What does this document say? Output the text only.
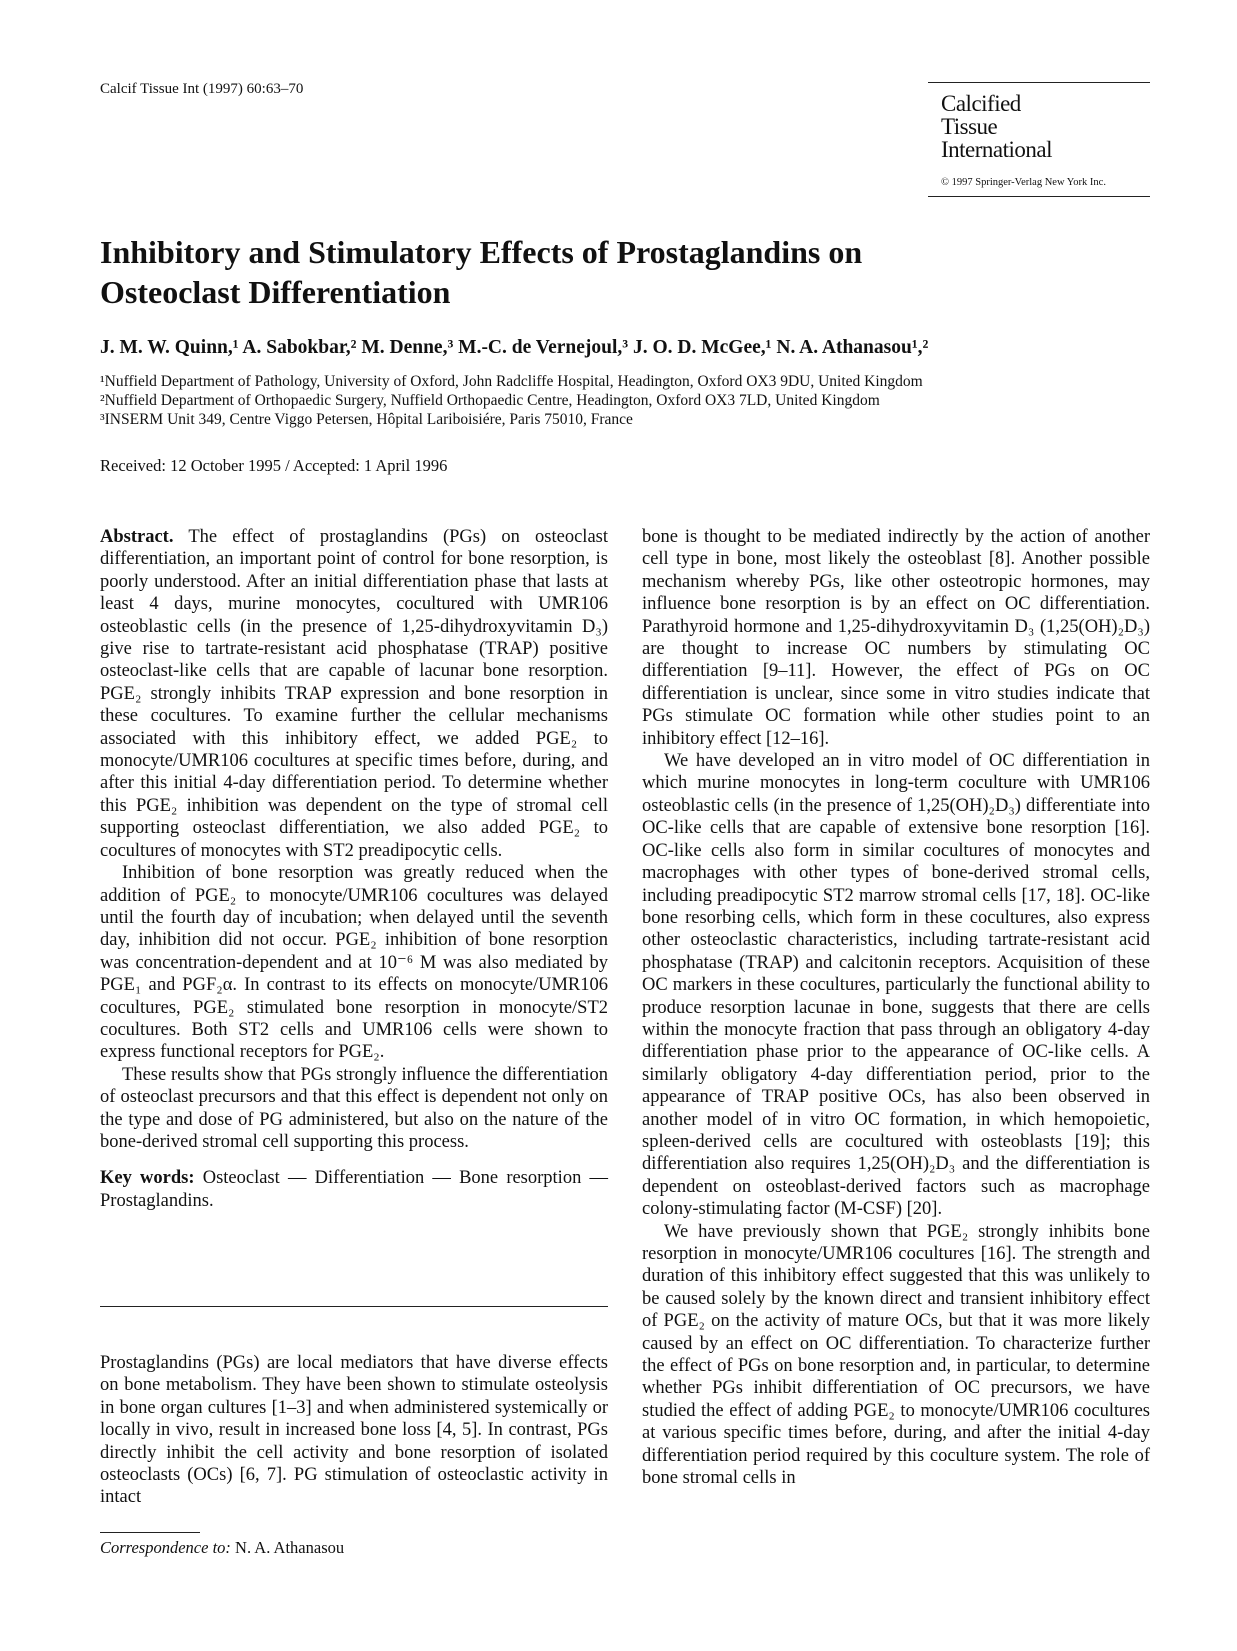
Calcif Tissue Int (1997) 60:63–70
Calcified
Tissue
International
© 1997 Springer-Verlag New York Inc.
Inhibitory and Stimulatory Effects of Prostaglandins on Osteoclast Differentiation
J. M. W. Quinn,¹ A. Sabokbar,² M. Denne,³ M.-C. de Vernejoul,³ J. O. D. McGee,¹ N. A. Athanasou¹,²
¹Nuffield Department of Pathology, University of Oxford, John Radcliffe Hospital, Headington, Oxford OX3 9DU, United Kingdom
²Nuffield Department of Orthopaedic Surgery, Nuffield Orthopaedic Centre, Headington, Oxford OX3 7LD, United Kingdom
³INSERM Unit 349, Centre Viggo Petersen, Hôpital Lariboisiére, Paris 75010, France
Received: 12 October 1995 / Accepted: 1 April 1996

Abstract. The effect of prostaglandins (PGs) on osteoclast differentiation, an important point of control for bone resorption, is poorly understood. After an initial differentiation phase that lasts at least 4 days, murine monocytes, cocultured with UMR106 osteoblastic cells (in the presence of 1,25-dihydroxyvitamin D₃) give rise to tartrate-resistant acid phosphatase (TRAP) positive osteoclast-like cells that are capable of lacunar bone resorption. PGE₂ strongly inhibits TRAP expression and bone resorption in these cocultures. To examine further the cellular mechanisms associated with this inhibitory effect, we added PGE₂ to monocyte/UMR106 cocultures at specific times before, during, and after this initial 4-day differentiation period. To determine whether this PGE₂ inhibition was dependent on the type of stromal cell supporting osteoclast differentiation, we also added PGE₂ to cocultures of monocytes with ST2 preadipocytic cells.

Inhibition of bone resorption was greatly reduced when the addition of PGE₂ to monocyte/UMR106 cocultures was delayed until the fourth day of incubation; when delayed until the seventh day, inhibition did not occur. PGE₂ inhibition of bone resorption was concentration-dependent and at 10⁻⁶ M was also mediated by PGE₁ and PGF₂α. In contrast to its effects on monocyte/UMR106 cocultures, PGE₂ stimulated bone resorption in monocyte/ST2 cocultures. Both ST2 cells and UMR106 cells were shown to express functional receptors for PGE₂.

These results show that PGs strongly influence the differentiation of osteoclast precursors and that this effect is dependent not only on the type and dose of PG administered, but also on the nature of the bone-derived stromal cell supporting this process.

Key words: Osteoclast — Differentiation — Bone resorption — Prostaglandins.

Prostaglandins (PGs) are local mediators that have diverse effects on bone metabolism. They have been shown to stimulate osteolysis in bone organ cultures [1–3] and when administered systemically or locally in vivo, result in increased bone loss [4, 5]. In contrast, PGs directly inhibit the cell activity and bone resorption of isolated osteoclasts (OCs) [6, 7]. PG stimulation of osteoclastic activity in intact

Correspondence to: N. A. Athanasou

bone is thought to be mediated indirectly by the action of another cell type in bone, most likely the osteoblast [8]. Another possible mechanism whereby PGs, like other osteotropic hormones, may influence bone resorption is by an effect on OC differentiation. Parathyroid hormone and 1,25-dihydroxyvitamin D₃ (1,25(OH)₂D₃) are thought to increase OC numbers by stimulating OC differentiation [9–11]. However, the effect of PGs on OC differentiation is unclear, since some in vitro studies indicate that PGs stimulate OC formation while other studies point to an inhibitory effect [12–16].

We have developed an in vitro model of OC differentiation in which murine monocytes in long-term coculture with UMR106 osteoblastic cells (in the presence of 1,25(OH)₂D₃) differentiate into OC-like cells that are capable of extensive bone resorption [16]. OC-like cells also form in similar cocultures of monocytes and macrophages with other types of bone-derived stromal cells, including preadipocytic ST2 marrow stromal cells [17, 18]. OC-like bone resorbing cells, which form in these cocultures, also express other osteoclastic characteristics, including tartrate-resistant acid phosphatase (TRAP) and calcitonin receptors. Acquisition of these OC markers in these cocultures, particularly the functional ability to produce resorption lacunae in bone, suggests that there are cells within the monocyte fraction that pass through an obligatory 4-day differentiation phase prior to the appearance of OC-like cells. A similarly obligatory 4-day differentiation period, prior to the appearance of TRAP positive OCs, has also been observed in another model of in vitro OC formation, in which hemopoietic, spleen-derived cells are cocultured with osteoblasts [19]; this differentiation also requires 1,25(OH)₂D₃ and the differentiation is dependent on osteoblast-derived factors such as macrophage colony-stimulating factor (M-CSF) [20].

We have previously shown that PGE₂ strongly inhibits bone resorption in monocyte/UMR106 cocultures [16]. The strength and duration of this inhibitory effect suggested that this was unlikely to be caused solely by the known direct and transient inhibitory effect of PGE₂ on the activity of mature OCs, but that it was more likely caused by an effect on OC differentiation. To characterize further the effect of PGs on bone resorption and, in particular, to determine whether PGs inhibit differentiation of OC precursors, we have studied the effect of adding PGE₂ to monocyte/UMR106 cocultures at various specific times before, during, and after the initial 4-day differentiation period required by this coculture system. The role of bone stromal cells in
